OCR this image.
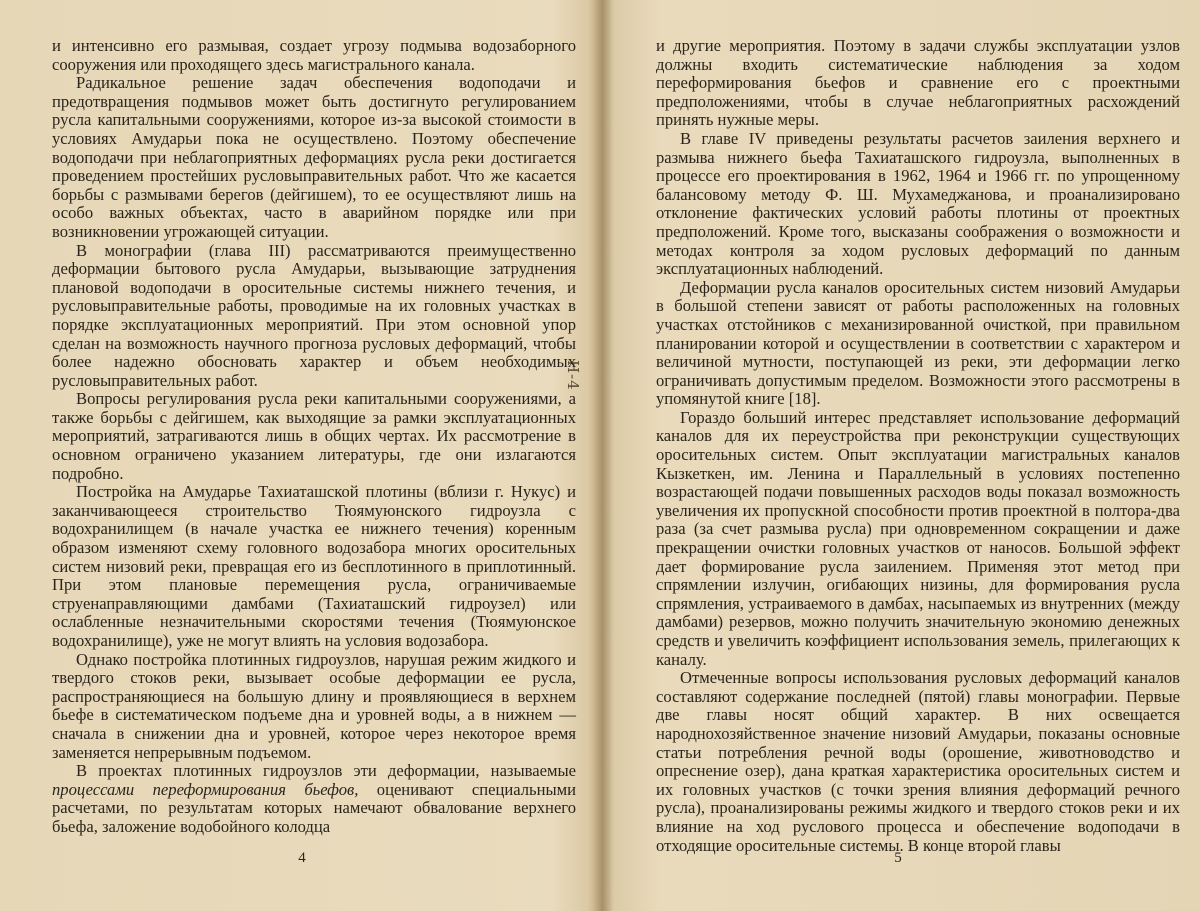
Н-4

и интенсивно его размывая, создает угрозу подмыва водозаборного сооружения или проходящего здесь магистрального канала.

Радикальное решение задач обеспечения водоподачи и предотвращения подмывов может быть достигнуто регулированием русла капитальными сооружениями, которое из-за высокой стоимости в условиях Амударьи пока не осуществлено. Поэтому обеспечение водоподачи при неблагоприятных деформациях русла реки достигается проведением простейших русловыправительных работ. Что же касается борьбы с размывами берегов (дейгишем), то ее осуществляют лишь на особо важных объектах, часто в аварийном порядке или при возникновении угрожающей ситуации.

В монографии (глава III) рассматриваются преимущественно деформации бытового русла Амударьи, вызывающие затруднения плановой водоподачи в оросительные системы нижнего течения, и русловыправительные работы, проводимые на их головных участках в порядке эксплуатационных мероприятий. При этом основной упор сделан на возможность научного прогноза русловых деформаций, чтобы более надежно обосновать характер и объем необходимых русловыправительных работ.

Вопросы регулирования русла реки капитальными сооружениями, а также борьбы с дейгишем, как выходящие за рамки эксплуатационных мероприятий, затрагиваются лишь в общих чертах. Их рассмотрение в основном ограничено указанием литературы, где они излагаются подробно.

Постройка на Амударье Тахиаташской плотины (вблизи г. Нукус) и заканчивающееся строительство Тюямуюнского гидроузла с водохранилищем (в начале участка ее нижнего течения) коренным образом изменяют схему головного водозабора многих оросительных систем низовий реки, превращая его из бесплотинного в приплотинный. При этом плановые перемещения русла, ограничиваемые струенаправляющими дамбами (Тахиаташский гидроузел) или ослабленные незначительными скоростями течения (Тюямуюнское водохранилище), уже не могут влиять на условия водозабора.

Однако постройка плотинных гидроузлов, нарушая режим жидкого и твердого стоков реки, вызывает особые деформации ее русла, распространяющиеся на большую длину и проявляющиеся в верхнем бьефе в систематическом подъеме дна и уровней воды, а в нижнем — сначала в снижении дна и уровней, которое через некоторое время заменяется непрерывным подъемом.

В проектах плотинных гидроузлов эти деформации, называемые процессами переформирования бьефов, оценивают специальными расчетами, по результатам которых намечают обвалование верхнего бьефа, заложение водобойного колодца

и другие мероприятия. Поэтому в задачи службы эксплуатации узлов должны входить систематические наблюдения за ходом переформирования бьефов и сравнение его с проектными предположениями, чтобы в случае неблагоприятных расхождений принять нужные меры.

В главе IV приведены результаты расчетов заиления верхнего и размыва нижнего бьефа Тахиаташского гидроузла, выполненных в процессе его проектирования в 1962, 1964 и 1966 гг. по упрощенному балансовому методу Ф. Ш. Мухамеджанова, и проанализировано отклонение фактических условий работы плотины от проектных предположений. Кроме того, высказаны соображения о возможности и методах контроля за ходом русловых деформаций по данным эксплуатационных наблюдений.

Деформации русла каналов оросительных систем низовий Амударьи в большой степени зависят от работы расположенных на головных участках отстойников с механизированной очисткой, при правильном планировании которой и осуществлении в соответствии с характером и величиной мутности, поступающей из реки, эти деформации легко ограничивать допустимым пределом. Возможности этого рассмотрены в упомянутой книге [18].

Гораздо больший интерес представляет использование деформаций каналов для их переустройства при реконструкции существующих оросительных систем. Опыт эксплуатации магистральных каналов Кызкеткен, им. Ленина и Параллельный в условиях постепенно возрастающей подачи повышенных расходов воды показал возможность увеличения их пропускной способности против проектной в полтора-два раза (за счет размыва русла) при одновременном сокращении и даже прекращении очистки головных участков от наносов. Большой эффект дает формирование русла заилением. Применяя этот метод при спрямлении излучин, огибающих низины, для формирования русла спрямления, устраиваемого в дамбах, насыпаемых из внутренних (между дамбами) резервов, можно получить значительную экономию денежных средств и увеличить коэффициент использования земель, прилегающих к каналу.

Отмеченные вопросы использования русловых деформаций каналов составляют содержание последней (пятой) главы монографии. Первые две главы носят общий характер. В них освещается народнохозяйственное значение низовий Амударьи, показаны основные статьи потребления речной воды (орошение, животноводство и опреснение озер), дана краткая характеристика оросительных систем и их головных участков (с точки зрения влияния деформаций речного русла), проанализированы режимы жидкого и твердого стоков реки и их влияние на ход руслового процесса и обеспечение водоподачи в отходящие оросительные системы. В конце второй главы

4	5
